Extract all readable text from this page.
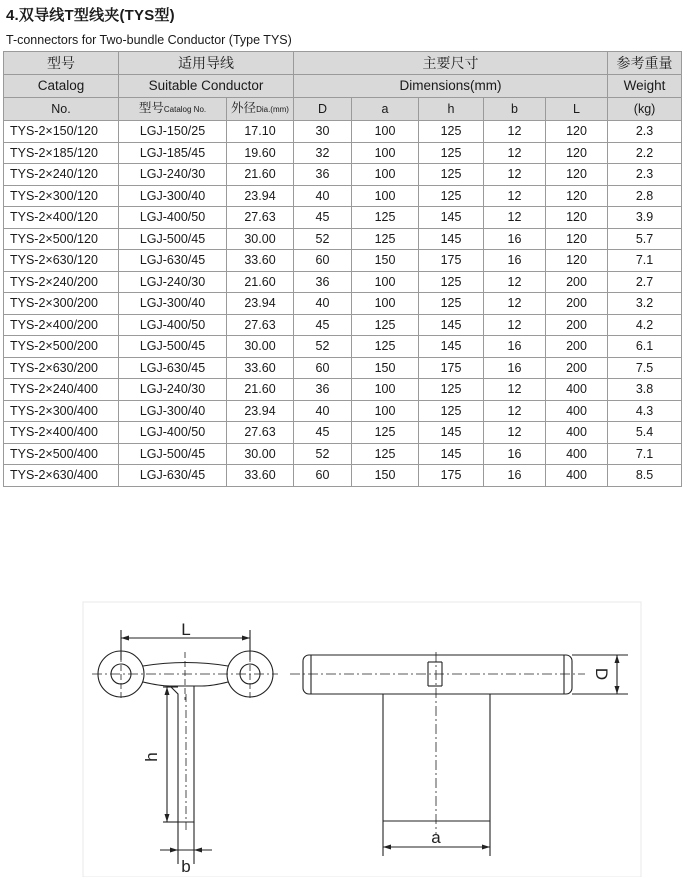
4.双导线T型线夹(TYS型)
T-connectors for Two-bundle Conductor (Type TYS)
型号	适用导线		主要尺寸					参考重量
Catalog	Suitable Conductor		Dimensions(mm)					Weight
No.	型号Catalog No.	外径Dia.(mm)	D	a	h	b	L	(kg)
TYS-2×150/120	LGJ-150/25	17.10	30	100	125	12	120	2.3
TYS-2×185/120	LGJ-185/45	19.60	32	100	125	12	120	2.2
TYS-2×240/120	LGJ-240/30	21.60	36	100	125	12	120	2.3
TYS-2×300/120	LGJ-300/40	23.94	40	100	125	12	120	2.8
TYS-2×400/120	LGJ-400/50	27.63	45	125	145	12	120	3.9
TYS-2×500/120	LGJ-500/45	30.00	52	125	145	16	120	5.7
TYS-2×630/120	LGJ-630/45	33.60	60	150	175	16	120	7.1
TYS-2×240/200	LGJ-240/30	21.60	36	100	125	12	200	2.7
TYS-2×300/200	LGJ-300/40	23.94	40	100	125	12	200	3.2
TYS-2×400/200	LGJ-400/50	27.63	45	125	145	12	200	4.2
TYS-2×500/200	LGJ-500/45	30.00	52	125	145	16	200	6.1
TYS-2×630/200	LGJ-630/45	33.60	60	150	175	16	200	7.5
TYS-2×240/400	LGJ-240/30	21.60	36	100	125	12	400	3.8
TYS-2×300/400	LGJ-300/40	23.94	40	100	125	12	400	4.3
TYS-2×400/400	LGJ-400/50	27.63	45	125	145	12	400	5.4
TYS-2×500/400	LGJ-500/45	30.00	52	125	145	16	400	7.1
TYS-2×630/400	LGJ-630/45	33.60	60	150	175	16	400	8.5
L
h
b
D
a
